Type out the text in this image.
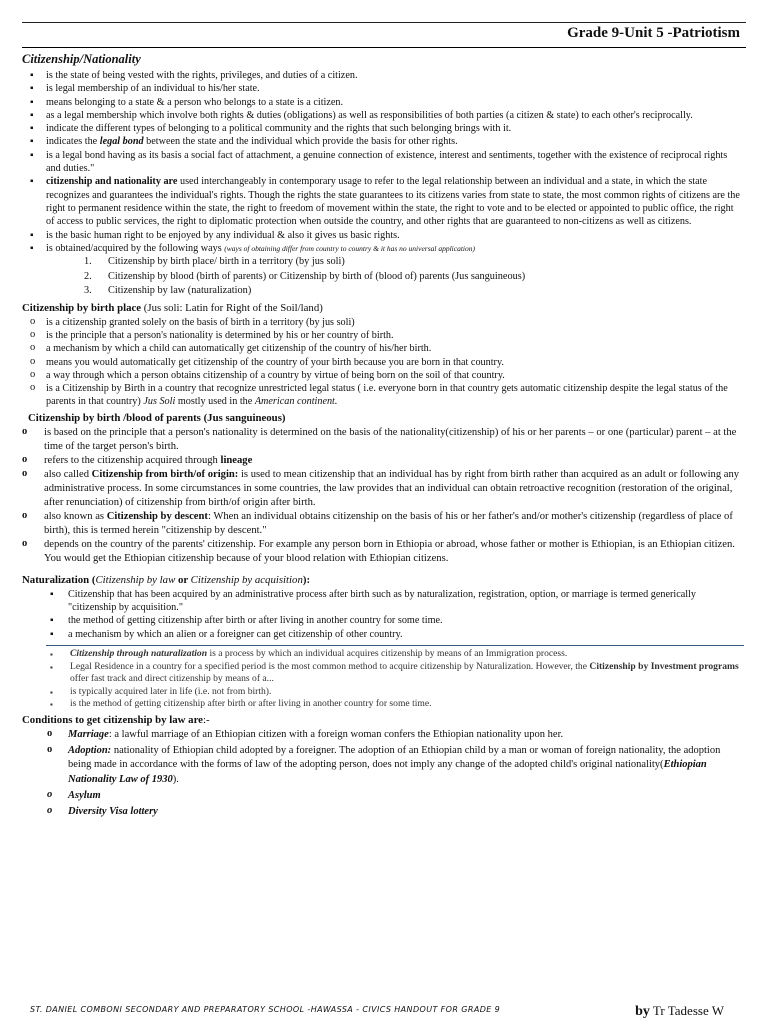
Grade 9-Unit 5 -Patriotism
Citizenship/Nationality
▪ is the state of being vested with the rights, privileges, and duties of a citizen.
▪ is legal membership of an individual to his/her state.
▪ means belonging to a state & a person who belongs to a state is a citizen.
▪ as a legal membership which involve both rights & duties (obligations) as well as responsibilities of both parties (a citizen & state) to each other's reciprocally.
▪ indicate the different types of belonging to a political community and the rights that such belonging brings with it.
▪ indicates the legal bond between the state and the individual which provide the basis for other rights.
▪ is a legal bond having as its basis a social fact of attachment, a genuine connection of existence, interest and sentiments, together with the existence of reciprocal rights and duties."
▪ citizenship and nationality are used interchangeably in contemporary usage to refer to the legal relationship between an individual and a state, in which the state recognizes and guarantees the individual's rights. Though the rights the state guarantees to its citizens varies from state to state, the most common rights of citizens are the right to permanent residence within the state, the right to freedom of movement within the state, the right to vote and to be elected or appointed to public office, the right of access to public services, the right to diplomatic protection when outside the country, and other rights that are guaranteed to non-citizens as well as citizens.
▪ is the basic human right to be enjoyed by any individual & also it gives us basic rights.
▪ is obtained/acquired by the following ways (ways of obtaining differ from country to country & it has no universal application)
1. Citizenship by birth place/ birth in a territory (by jus soli)
2. Citizenship by blood (birth of parents) or Citizenship by birth of (blood of) parents (Jus sanguineous)
3. Citizenship by law (naturalization)
Citizenship by birth place (Jus soli: Latin for Right of the Soil/land)
o is a citizenship granted solely on the basis of birth in a territory (by jus soli)
o is the principle that a person's nationality is determined by his or her country of birth.
o a mechanism by which a child can automatically get citizenship of the country of his/her birth.
o means you would automatically get citizenship of the country of your birth because you are born in that country.
o a way through which a person obtains citizenship of a country by virtue of being born on the soil of that country.
o is a Citizenship by Birth in a country that recognize unrestricted legal status ( i.e. everyone born in that country gets automatic citizenship despite the legal status of the parents in that country) Jus Soli mostly used in the American continent.
Citizenship by birth /blood of parents (Jus sanguineous)
o is based on the principle that a person's nationality is determined on the basis of the nationality(citizenship) of his or her parents – or one (particular) parent – at the time of the target person's birth.
o refers to the citizenship acquired through lineage
o also called Citizenship from birth/of origin: is used to mean citizenship that an individual has by right from birth rather than acquired as an adult or following any administrative process. In some circumstances in some countries, the law provides that an individual can obtain retroactive recognition (restoration of the original, after renunciation) of citizenship from birth/of origin after birth.
o also known as Citizenship by descent: When an individual obtains citizenship on the basis of his or her father's and/or mother's citizenship (regardless of place of birth), this is termed herein "citizenship by descent."
o depends on the country of the parents' citizenship. For example any person born in Ethiopia or abroad, whose father or mother is Ethiopian, is an Ethiopian citizen. You would get the Ethiopian citizenship because of your blood relation with Ethiopian citizens.
Naturalization (Citizenship by law or Citizenship by acquisition):
▪ Citizenship that has been acquired by an administrative process after birth such as by naturalization, registration, option, or marriage is termed generically "citizenship by acquisition."
▪ the method of getting citizenship after birth or after living in another country for some time.
▪ a mechanism by which an alien or a foreigner can get citizenship of other country.
▪ Citizenship through naturalization is a process by which an individual acquires citizenship by means of an Immigration process.
▪ Legal Residence in a country for a specified period is the most common method to acquire citizenship by Naturalization. However, the Citizenship by Investment programs offer fast track and direct citizenship by means of a...
▪ is typically acquired later in life (i.e. not from birth).
▪ is the method of getting citizenship after birth or after living in another country for some time.
Conditions to get citizenship by law are:-
o Marriage: a lawful marriage of an Ethiopian citizen with a foreign woman confers the Ethiopian nationality upon her.
o Adoption: nationality of Ethiopian child adopted by a foreigner. The adoption of an Ethiopian child by a man or woman of foreign nationality, the adoption being made in accordance with the forms of law of the adopting person, does not imply any change of the adopted child's original nationality(Ethiopian Nationality Law of 1930).
o Asylum
o Diversity Visa lottery
ST. DANIEL COMBONI SECONDARY AND PREPARATORY SCHOOL -HAWASSA - CIVICS HANDOUT FOR GRADE 9	by Tr Tadesse W
